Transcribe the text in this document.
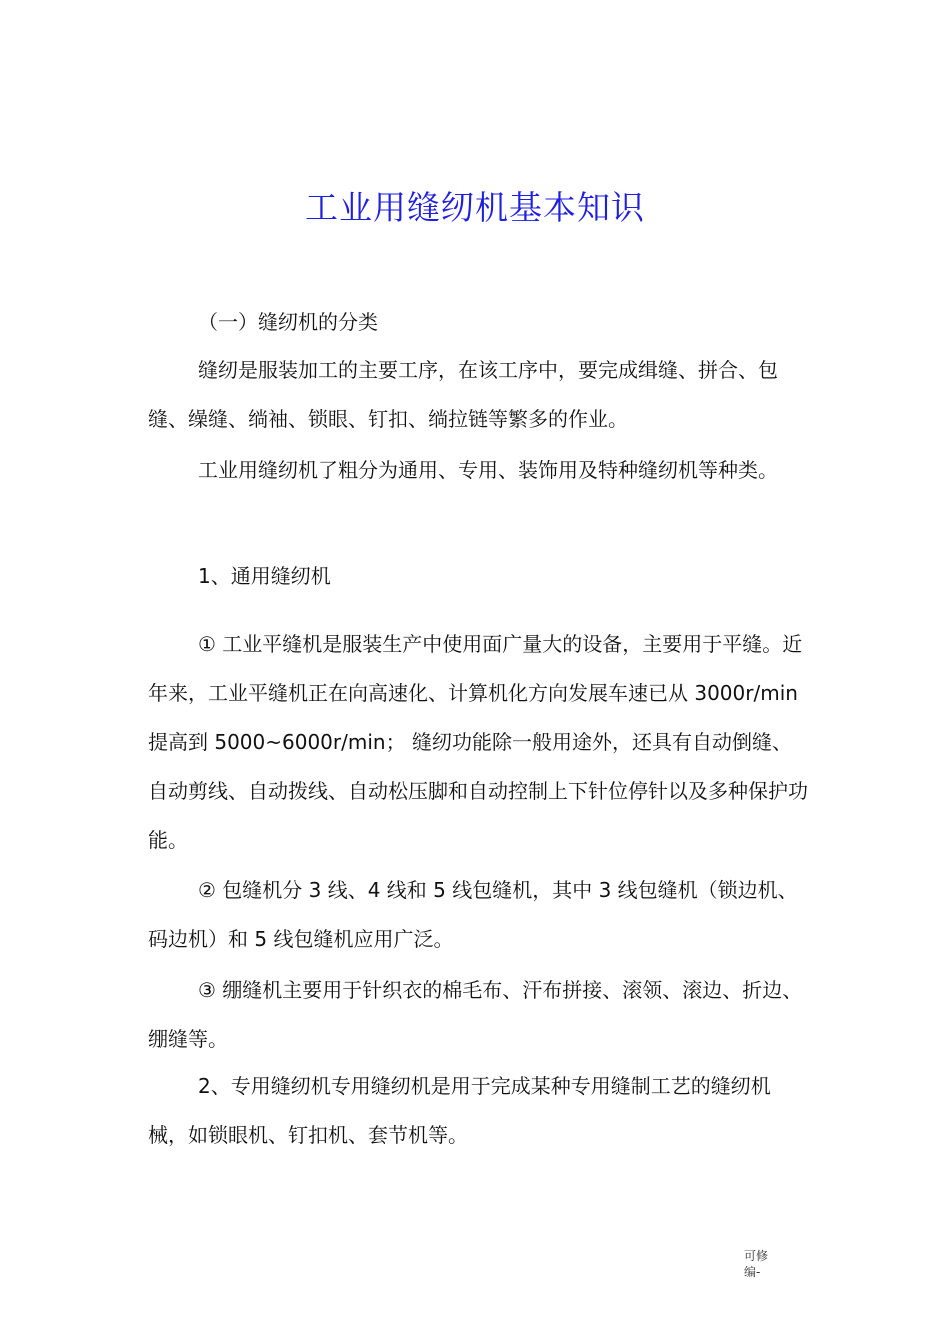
工业用缝纫机基本知识

（一）缝纫机的分类

缝纫是服装加工的主要工序，在该工序中，要完成缉缝、拼合、包缝、缲缝、绱袖、锁眼、钉扣、绱拉链等繁多的作业。

工业用缝纫机了粗分为通用、专用、装饰用及特种缝纫机等种类。

1、通用缝纫机

① 工业平缝机是服装生产中使用面广量大的设备，主要用于平缝。近年来，工业平缝机正在向高速化、计算机化方向发展车速已从 3000r/min 提高到 5000~6000r/min； 缝纫功能除一般用途外，还具有自动倒缝、自动剪线、自动拨线、自动松压脚和自动控制上下针位停针以及多种保护功能。

② 包缝机分 3 线、4 线和 5 线包缝机，其中 3 线包缝机（锁边机、码边机）和 5 线包缝机应用广泛。

③ 绷缝机主要用于针织衣的棉毛布、汗布拼接、滚领、滚边、折边、绷缝等。

2、专用缝纫机专用缝纫机是用于完成某种专用缝制工艺的缝纫机械，如锁眼机、钉扣机、套节机等。

可修
编-
